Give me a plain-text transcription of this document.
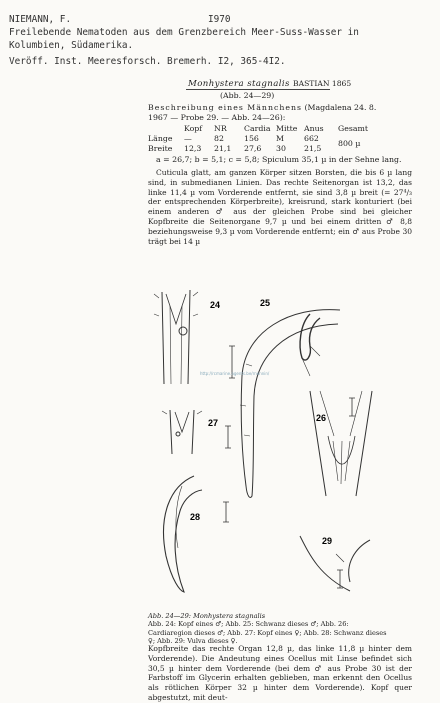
NIEMANN, F.	I970
Freilebende Nematoden aus dem Grenzbereich Meer-Suss-Wasser in
Kolumbien, Südamerika.
Veröff. Inst. Meeresforsch. Bremerh. I2, 365-4I2.
Monhystera stagnalis BASTIAN 1865
(Abb. 24—29)
Beschreibung eines Männchens (Magdalena 24. 8. 1967 — Probe 29. — Abb. 24—26):
	Kopf	NR	Cardia	Mitte	Anus	Gesamt
Länge	—	82	156	M	662	800 µ
Breite	12,3	21,1	27,6	30	21,5	
a = 26,7; b = 5,1; c = 5,8; Spiculum 35,1 µ in der Sehne lang.
Cuticula glatt, am ganzen Körper sitzen Borsten, die bis 6 µ lang sind, in submedianen Linien. Das rechte Seitenorgan ist 13,2, das linke 11,4 µ vom Vorderende entfernt, sie sind 3,8 µ breit (= 27⁴/₃ der entsprechenden Körperbreite), kreisrund, stark konturiert (bei einem anderen ♂ aus der gleichen Probe sind bei gleicher Kopfbreite die Seitenorgane 9,7 µ und bei einem dritten ♂ 8,8 beziehungsweise 9,3 µ vom Vorderende entfernt; ein ♂ aus Probe 30 trägt bei 14 µ
24	25
26
27
28
29
http://rcmarine.agents.be/rnennin/
Abb. 24—29: Monhystera stagnalis
Abb. 24: Kopf eines ♂; Abb. 25: Schwanz dieses ♂; Abb. 26: Cardiaregion dieses ♂; Abb. 27: Kopf eines ♀; Abb. 28: Schwanz dieses ♀; Abb. 29: Vulva dieses ♀.
Kopfbreite das rechte Organ 12,8 µ, das linke 11,8 µ hinter dem Vorderende). Die Andeutung eines Ocellus mit Linse befindet sich 30,5 µ hinter dem Vorderende (bei dem ♂ aus Probe 30 ist der Farbstoff im Glycerin erhalten geblieben, man erkennt den Ocellus als rötlichen Körper 32 µ hinter dem Vorderende). Kopf quer abgestutzt, mit deut-
